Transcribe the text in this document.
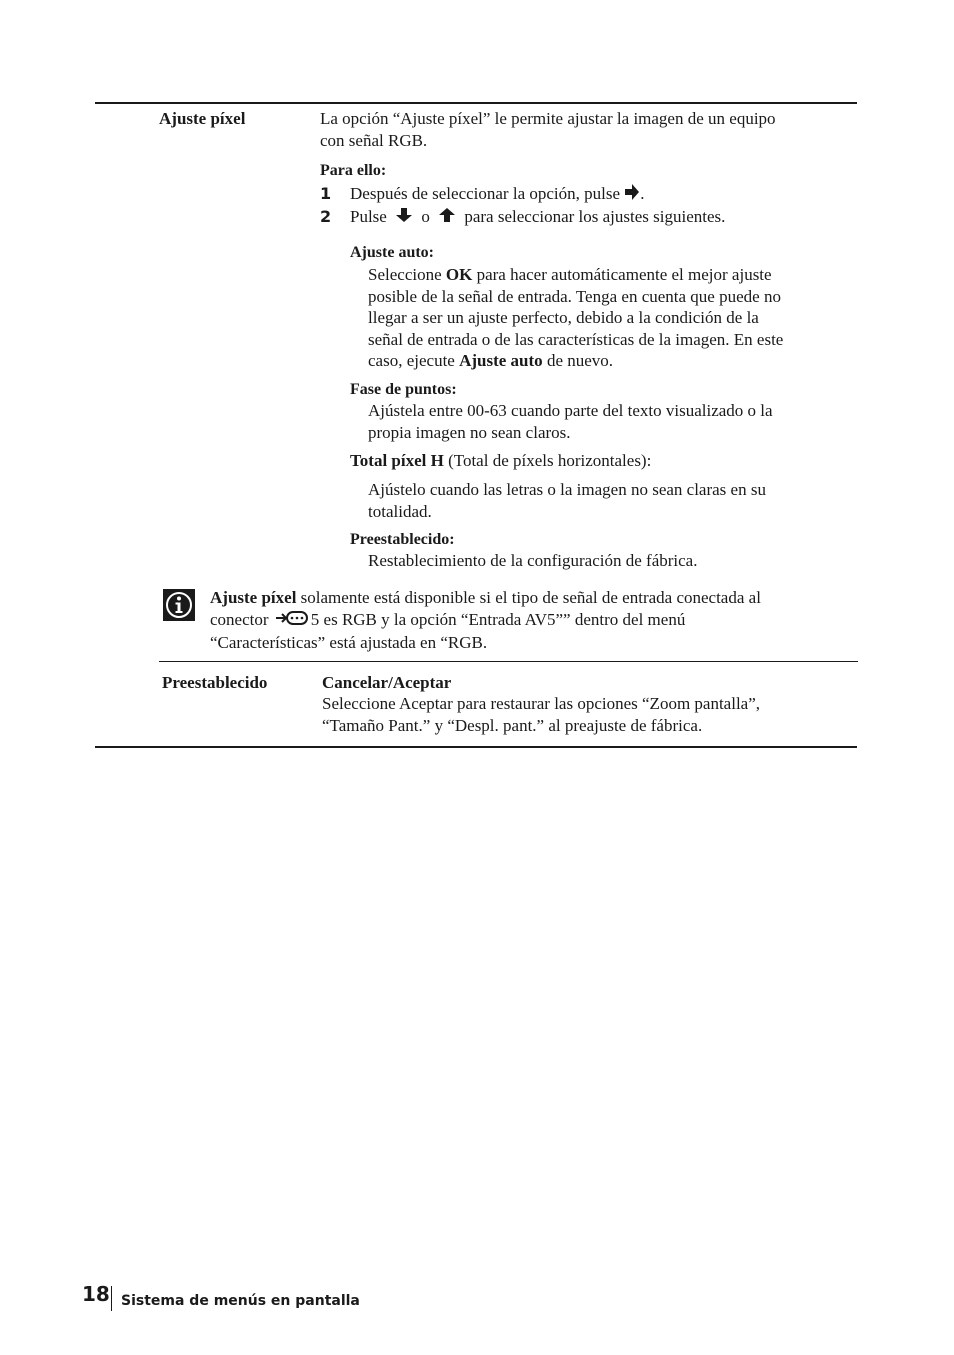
Ajuste píxel	La opción “Ajuste píxel” le permite ajustar la imagen de un equipo
con señal RGB.
Para ello:
1 Después de seleccionar la opción, pulse .
2 Pulse o para seleccionar los ajustes siguientes.
Ajuste auto:
Seleccione OK para hacer automáticamente el mejor ajuste
posible de la señal de entrada. Tenga en cuenta que puede no
llegar a ser un ajuste perfecto, debido a la condición de la
señal de entrada o de las características de la imagen. En este
caso, ejecute Ajuste auto de nuevo.
Fase de puntos:
Ajústela entre 00-63 cuando parte del texto visualizado o la
propia imagen no sean claros.
Total píxel H (Total de píxels horizontales):
Ajústelo cuando las letras o la imagen no sean claras en su
totalidad.
Preestablecido:
Restablecimiento de la configuración de fábrica.
Ajuste píxel solamente está disponible si el tipo de señal de entrada conectada al
conector 5 es RGB y la opción “Entrada AV5”” dentro del menú
“Características” está ajustada en “RGB.
Preestablecido	Cancelar/Aceptar
Seleccione Aceptar para restaurar las opciones “Zoom pantalla”,
“Tamaño Pant.” y “Despl. pant.” al preajuste de fábrica.
18 Sistema de menús en pantalla
